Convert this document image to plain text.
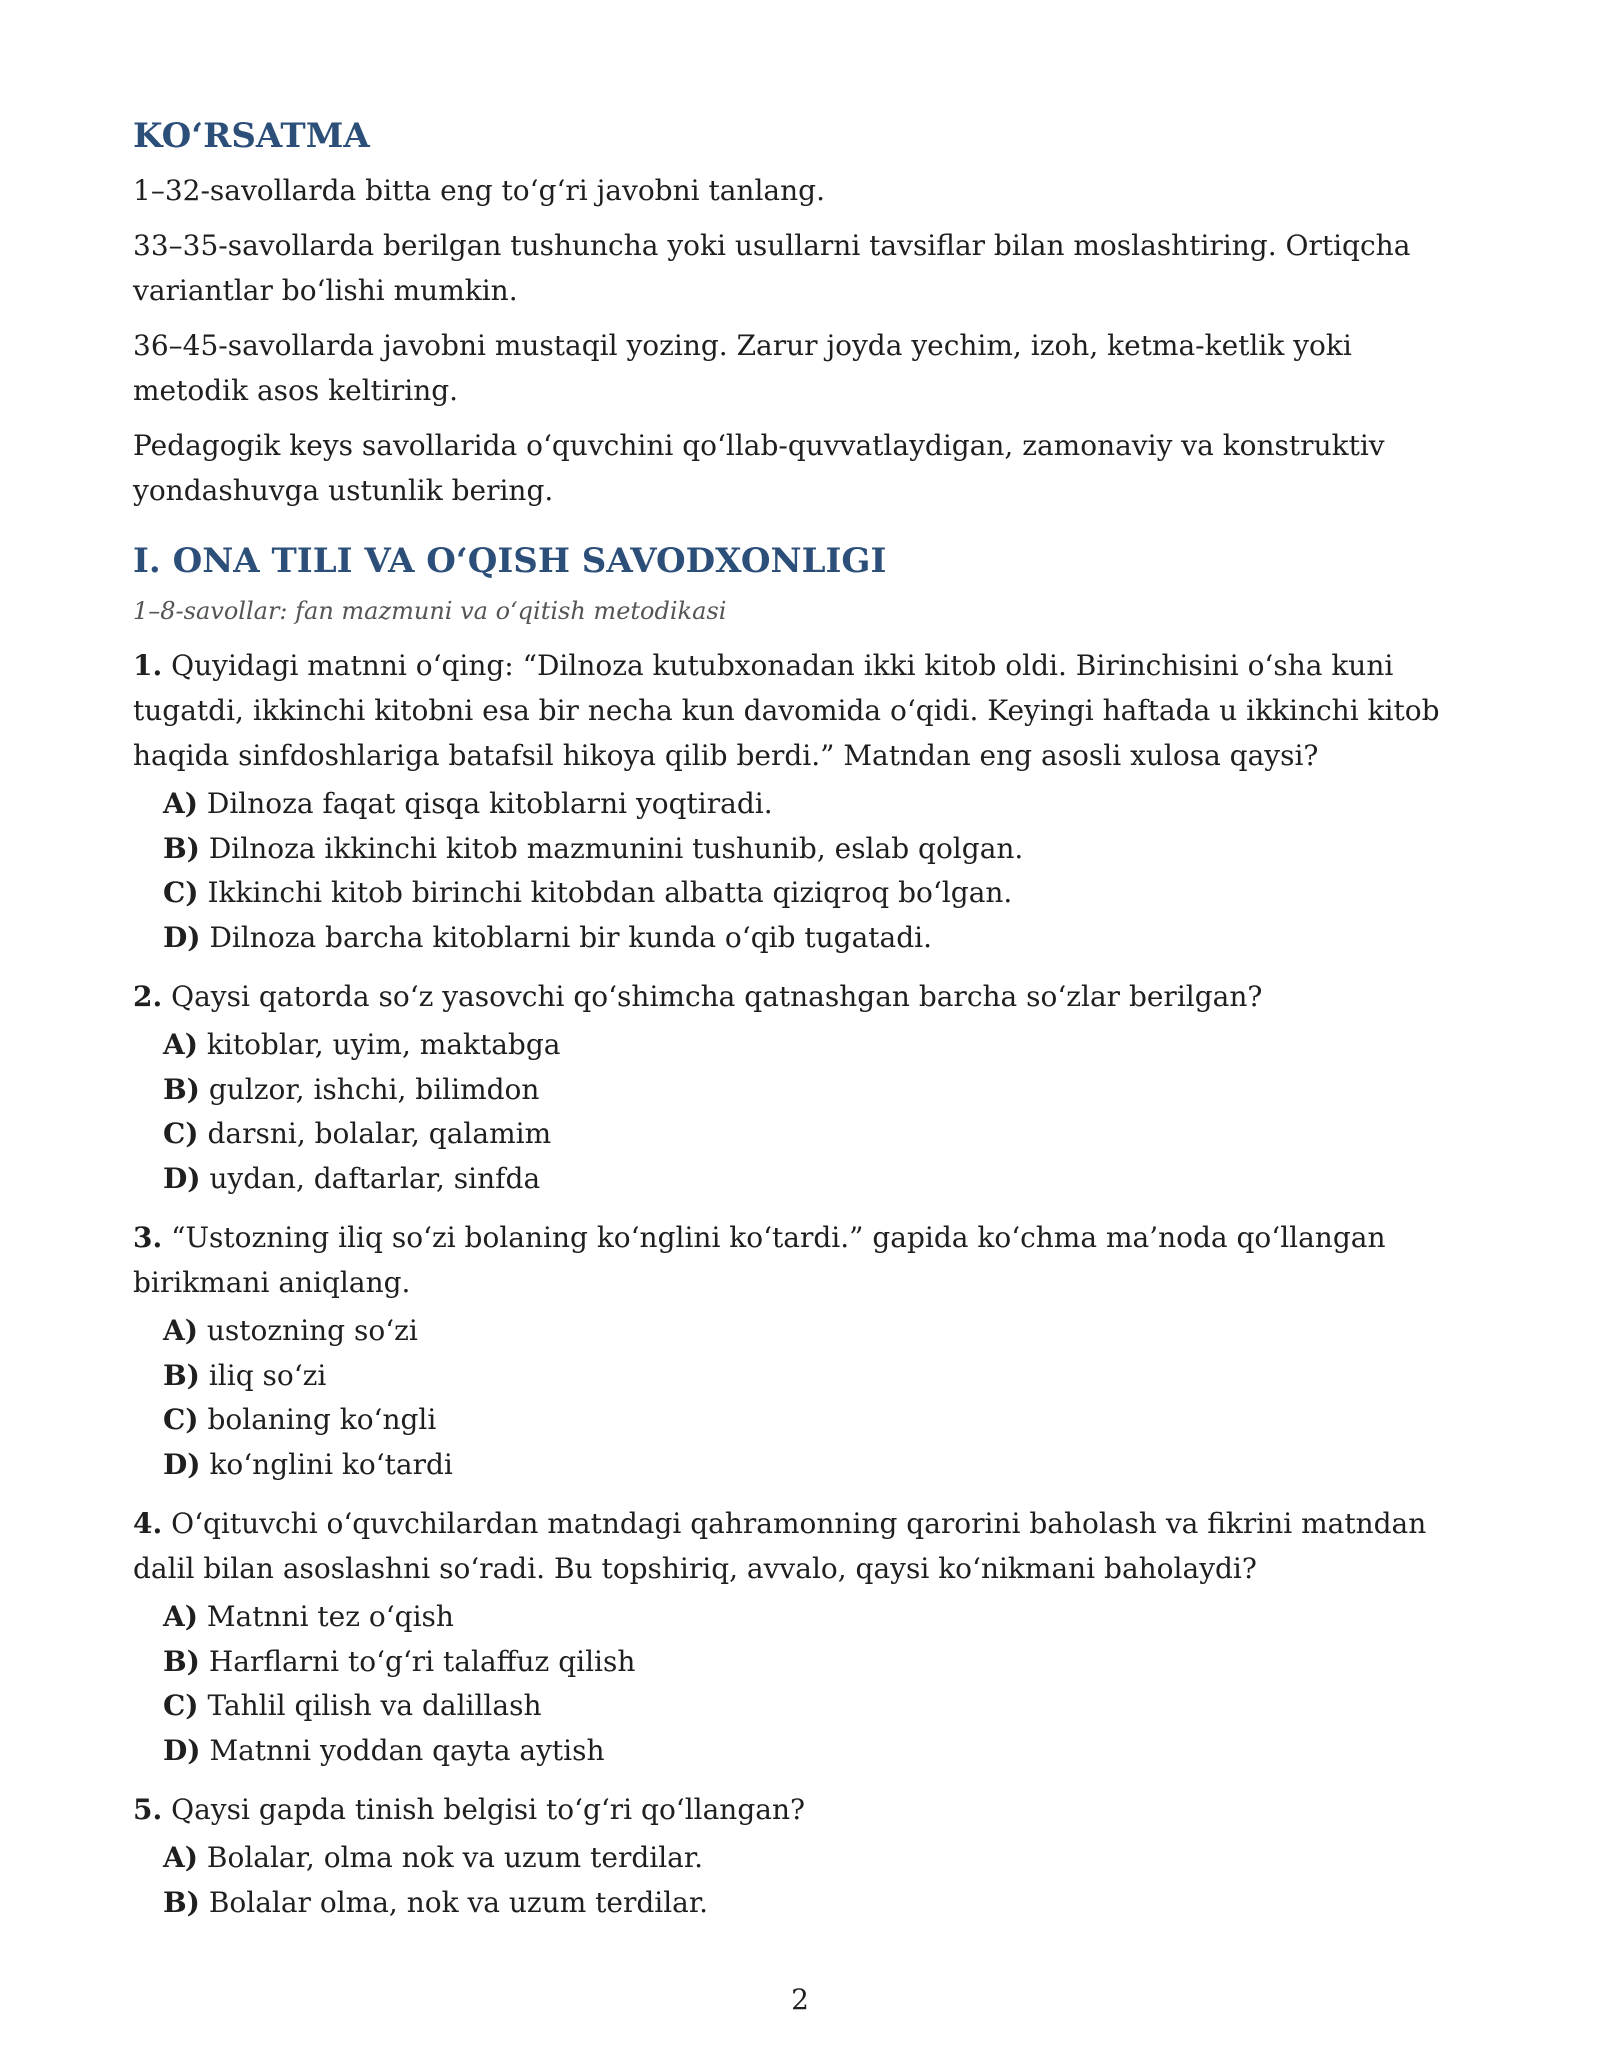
KO‘RSATMA

1–32-savollarda bitta eng to‘g‘ri javobni tanlang.

33–35-savollarda berilgan tushuncha yoki usullarni tavsiflar bilan moslashtiring. Ortiqcha variantlar bo‘lishi mumkin.

36–45-savollarda javobni mustaqil yozing. Zarur joyda yechim, izoh, ketma-ketlik yoki metodik asos keltiring.

Pedagogik keys savollarida o‘quvchini qo‘llab-quvvatlaydigan, zamonaviy va konstruktiv yondashuvga ustunlik bering.

I. ONA TILI VA O‘QISH SAVODXONLIGI

1–8-savollar: fan mazmuni va o‘qitish metodikasi

1. Quyidagi matnni o‘qing: “Dilnoza kutubxonadan ikki kitob oldi. Birinchisini o‘sha kuni tugatdi, ikkinchi kitobni esa bir necha kun davomida o‘qidi. Keyingi haftada u ikkinchi kitob haqida sinfdoshlariga batafsil hikoya qilib berdi.” Matndan eng asosli xulosa qaysi?

A) Dilnoza faqat qisqa kitoblarni yoqtiradi.
B) Dilnoza ikkinchi kitob mazmunini tushunib, eslab qolgan.
C) Ikkinchi kitob birinchi kitobdan albatta qiziqroq bo‘lgan.
D) Dilnoza barcha kitoblarni bir kunda o‘qib tugatadi.

2. Qaysi qatorda so‘z yasovchi qo‘shimcha qatnashgan barcha so‘zlar berilgan?

A) kitoblar, uyim, maktabga
B) gulzor, ishchi, bilimdon
C) darsni, bolalar, qalamim
D) uydan, daftarlar, sinfda

3. “Ustozning iliq so‘zi bolaning ko‘nglini ko‘tardi.” gapida ko‘chma ma’noda qo‘llangan birikmani aniqlang.

A) ustozning so‘zi
B) iliq so‘zi
C) bolaning ko‘ngli
D) ko‘nglini ko‘tardi

4. O‘qituvchi o‘quvchilardan matndagi qahramonning qarorini baholash va fikrini matndan dalil bilan asoslashni so‘radi. Bu topshiriq, avvalo, qaysi ko‘nikmani baholaydi?

A) Matnni tez o‘qish
B) Harflarni to‘g‘ri talaffuz qilish
C) Tahlil qilish va dalillash
D) Matnni yoddan qayta aytish

5. Qaysi gapda tinish belgisi to‘g‘ri qo‘llangan?

A) Bolalar, olma nok va uzum terdilar.
B) Bolalar olma, nok va uzum terdilar.
2
